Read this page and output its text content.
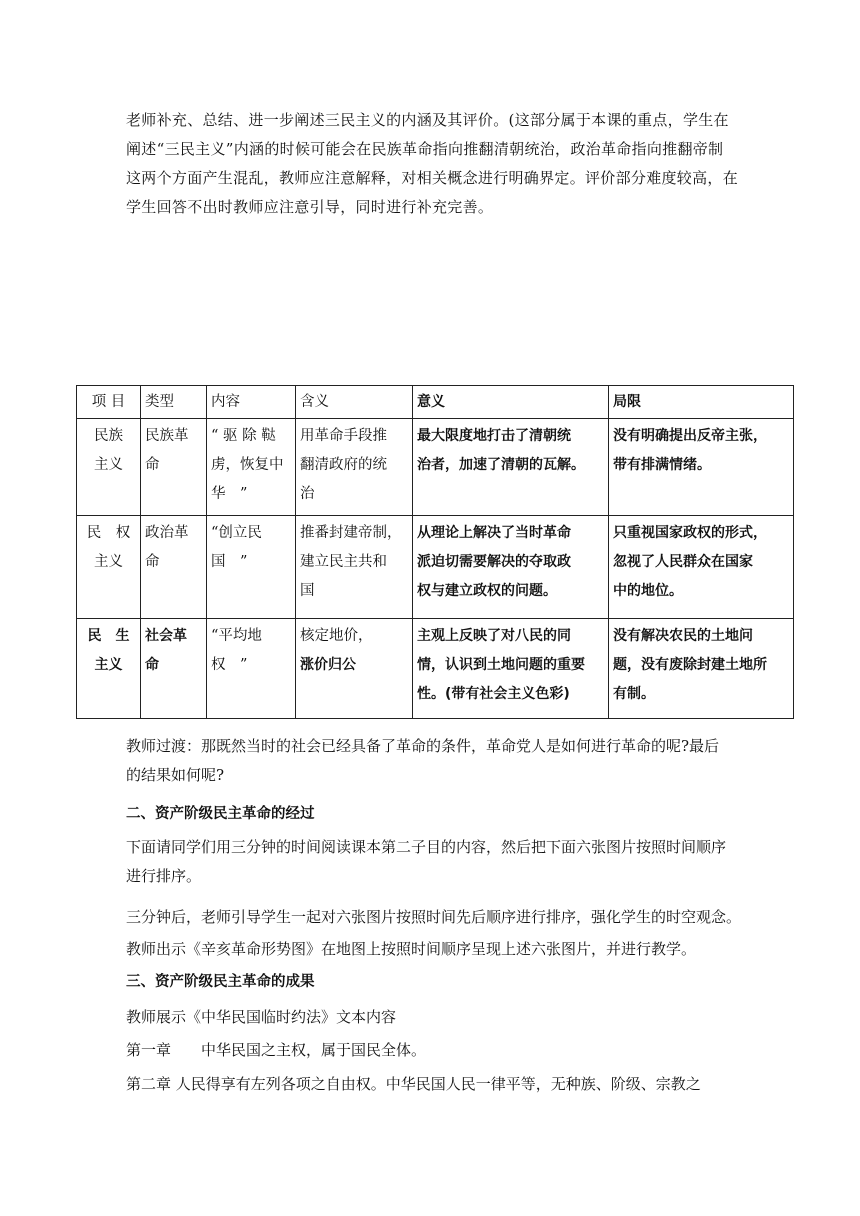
老师补充、总结、进一步阐述三民主义的内涵及其评价。(这部分属于本课的重点，学生在
阐述“三民主义”内涵的时候可能会在民族革命指向推翻清朝统治，政治革命指向推翻帝制
这两个方面产生混乱，教师应注意解释，对相关概念进行明确界定。评价部分难度较高，在
学生回答不出时教师应注意引导，同时进行补充完善。
项 目	类型	内容	含义	意义	局限

民族
主义	民族革
命	“ 驱 除 鞑
虏，恢复中
华　”	用革命手段推
翻清政府的统
治	最大限度地打击了清朝统
治者，加速了清朝的瓦解。	没有明确提出反帝主张，
带有排满情绪。

民　权
主义	政治革
命	“创立民
国　”	推番封建帝制，
建立民主共和
国	从理论上解决了当时革命
派迫切需要解决的夺取政
权与建立政权的问题。	只重视国家政权的形式，
忽视了人民群众在国家
中的地位。

民　生
主义	社会革
命	“平均地
权　”	核定地价，
涨价归公	主观上反映了对八民的同
情，认识到土地问题的重要
性。(带有社会主义色彩)	没有解决农民的土地问
题，没有废除封建土地所
有制。
教师过渡：那既然当时的社会已经具备了革命的条件，革命党人是如何进行革命的呢?最后
的结果如何呢?
二、资产阶级民主革命的经过
下面请同学们用三分钟的时间阅读课本第二子目的内容，然后把下面六张图片按照时间顺序
进行排序。
三分钟后，老师引导学生一起对六张图片按照时间先后顺序进行排序，强化学生的时空观念。
教师出示《辛亥革命形势图》在地图上按照时间顺序呈现上述六张图片，并进行教学。
三、资产阶级民主革命的成果
教师展示《中华民国临时约法》文本内容
第一章　　中华民国之主权，属于国民全体。
第二章 人民得享有左列各项之自由权。中华民国人民一律平等，无种族、阶级、宗教之
